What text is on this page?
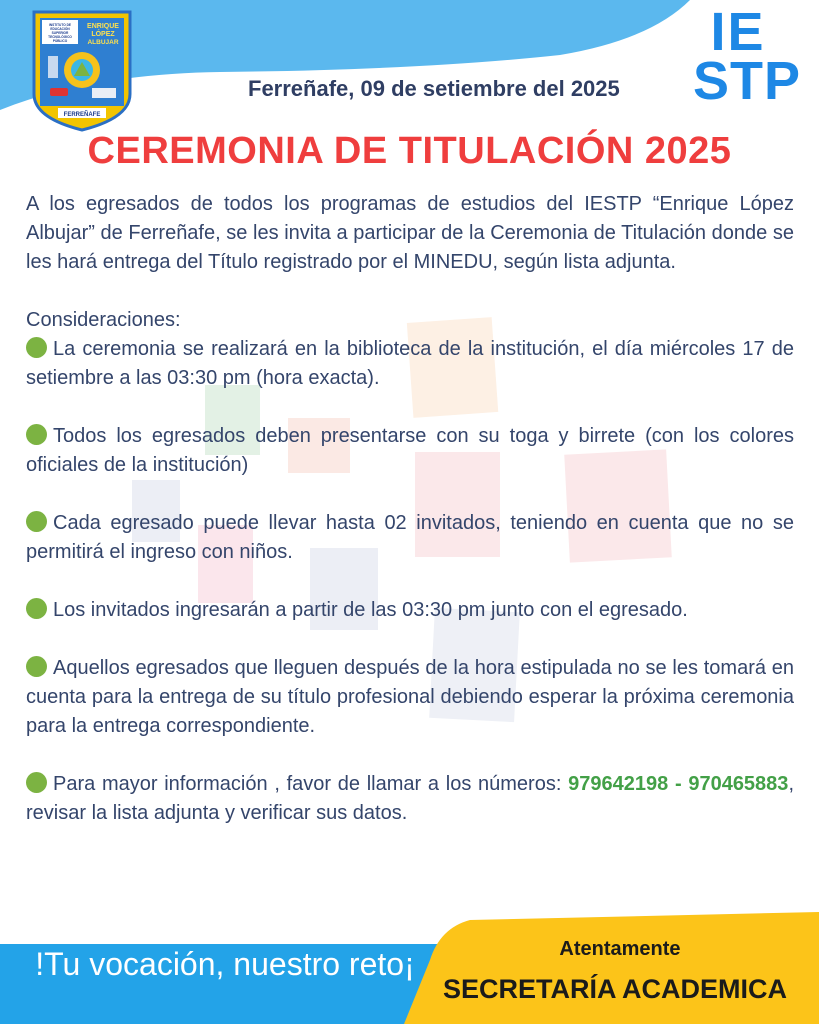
INSTITUTO DE
EDUCACIÓN
SUPERIOR
TECNOLÓGICO
PÚBLICO
ENRIQUE
LÓPEZ
ALBUJAR
FERREÑAFE
IE
STP
Ferreñafe, 09 de setiembre del 2025
CEREMONIA DE TITULACIÓN 2025

A los egresados de todos los programas de estudios del IESTP “Enrique López Albujar” de Ferreñafe, se les invita a participar de la Ceremonia de Titulación donde se les hará entrega del Título registrado por el MINEDU, según lista adjunta.

Consideraciones:

La ceremonia se realizará en la biblioteca de la institución, el día miércoles 17 de setiembre a las 03:30 pm (hora exacta).

Todos los egresados deben presentarse con su toga y birrete (con los colores oficiales de la institución)

Cada egresado puede llevar hasta 02 invitados, teniendo en cuenta que no se permitirá el ingreso con niños.

Los invitados ingresarán a partir de las 03:30 pm junto con el egresado.

Aquellos egresados que lleguen después de la hora estipulada no se les tomará en cuenta para la entrega de su título profesional debiendo esperar la próxima ceremonia para la entrega correspondiente.

Para mayor información , favor de llamar a los números: 979642198 - 970465883, revisar la lista adjunta y verificar sus datos.

!Tu vocación, nuestro reto¡	Atentamente
SECRETARÍA ACADEMICA
